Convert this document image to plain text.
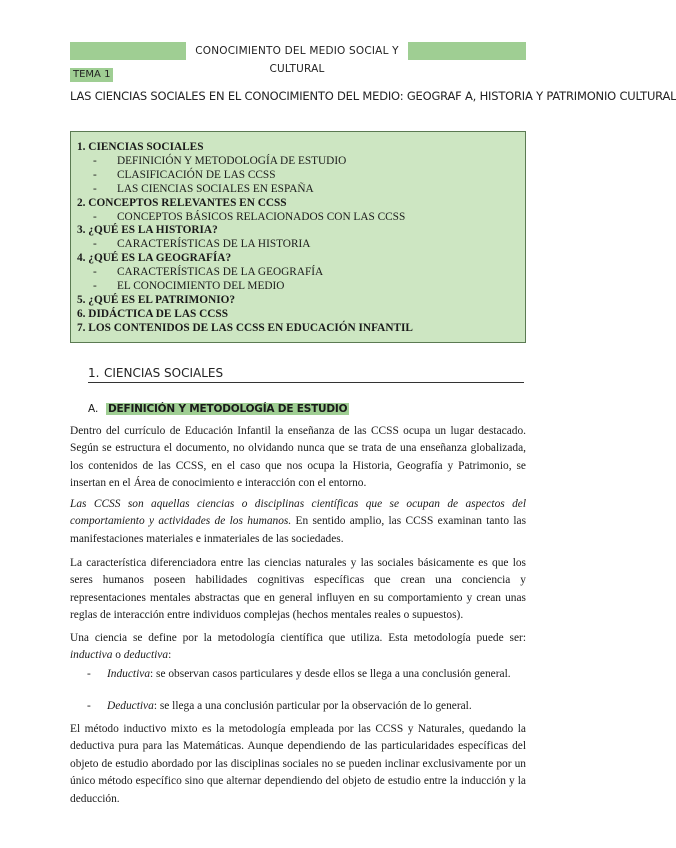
CONOCIMIENTO DEL MEDIO SOCIAL Y CULTURAL
TEMA 1
LAS CIENCIAS SOCIALES EN EL CONOCIMIENTO DEL MEDIO: GEOGRAF A, HISTORIA Y PATRIMONIO CULTURAL
1. CIENCIAS SOCIALES
- DEFINICIÓN Y METODOLOGÍA DE ESTUDIO
- CLASIFICACIÓN DE LAS CCSS
- LAS CIENCIAS SOCIALES EN ESPAÑA
2. CONCEPTOS RELEVANTES EN CCSS
- CONCEPTOS BÁSICOS RELACIONADOS CON LAS CCSS
3. ¿QUÉ ES LA HISTORIA?
- CARACTERÍSTICAS DE LA HISTORIA
4. ¿QUÉ ES LA GEOGRAFÍA?
- CARACTERÍSTICAS DE LA GEOGRAFÍA
- EL CONOCIMIENTO DEL MEDIO
5. ¿QUÉ ES EL PATRIMONIO?
6. DIDÁCTICA DE LAS CCSS
7. LOS CONTENIDOS DE LAS CCSS EN EDUCACIÓN INFANTIL
1. CIENCIAS SOCIALES
A. DEFINICIÓN Y METODOLOGÍA DE ESTUDIO

Dentro del currículo de Educación Infantil la enseñanza de las CCSS ocupa un lugar destacado. Según se estructura el documento, no olvidando nunca que se trata de una enseñanza globalizada, los contenidos de las CCSS, en el caso que nos ocupa la Historia, Geografía y Patrimonio, se insertan en el Área de conocimiento e interacción con el entorno.

Las CCSS son aquellas ciencias o disciplinas científicas que se ocupan de aspectos del comportamiento y actividades de los humanos. En sentido amplio, las CCSS examinan tanto las manifestaciones materiales e inmateriales de las sociedades.

La característica diferenciadora entre las ciencias naturales y las sociales básicamente es que los seres humanos poseen habilidades cognitivas específicas que crean una conciencia y representaciones mentales abstractas que en general influyen en su comportamiento y crean unas reglas de interacción entre individuos complejas (hechos mentales reales o supuestos).

Una ciencia se define por la metodología científica que utiliza. Esta metodología puede ser: inductiva o deductiva:

-	Inductiva: se observan casos particulares y desde ellos se llega a una conclusión general.
-	Deductiva: se llega a una conclusión particular por la observación de lo general.

El método inductivo mixto es la metodología empleada por las CCSS y Naturales, quedando la deductiva pura para las Matemáticas. Aunque dependiendo de las particularidades específicas del objeto de estudio abordado por las disciplinas sociales no se pueden inclinar exclusivamente por un único método específico sino que alternar dependiendo del objeto de estudio entre la inducción y la deducción.
